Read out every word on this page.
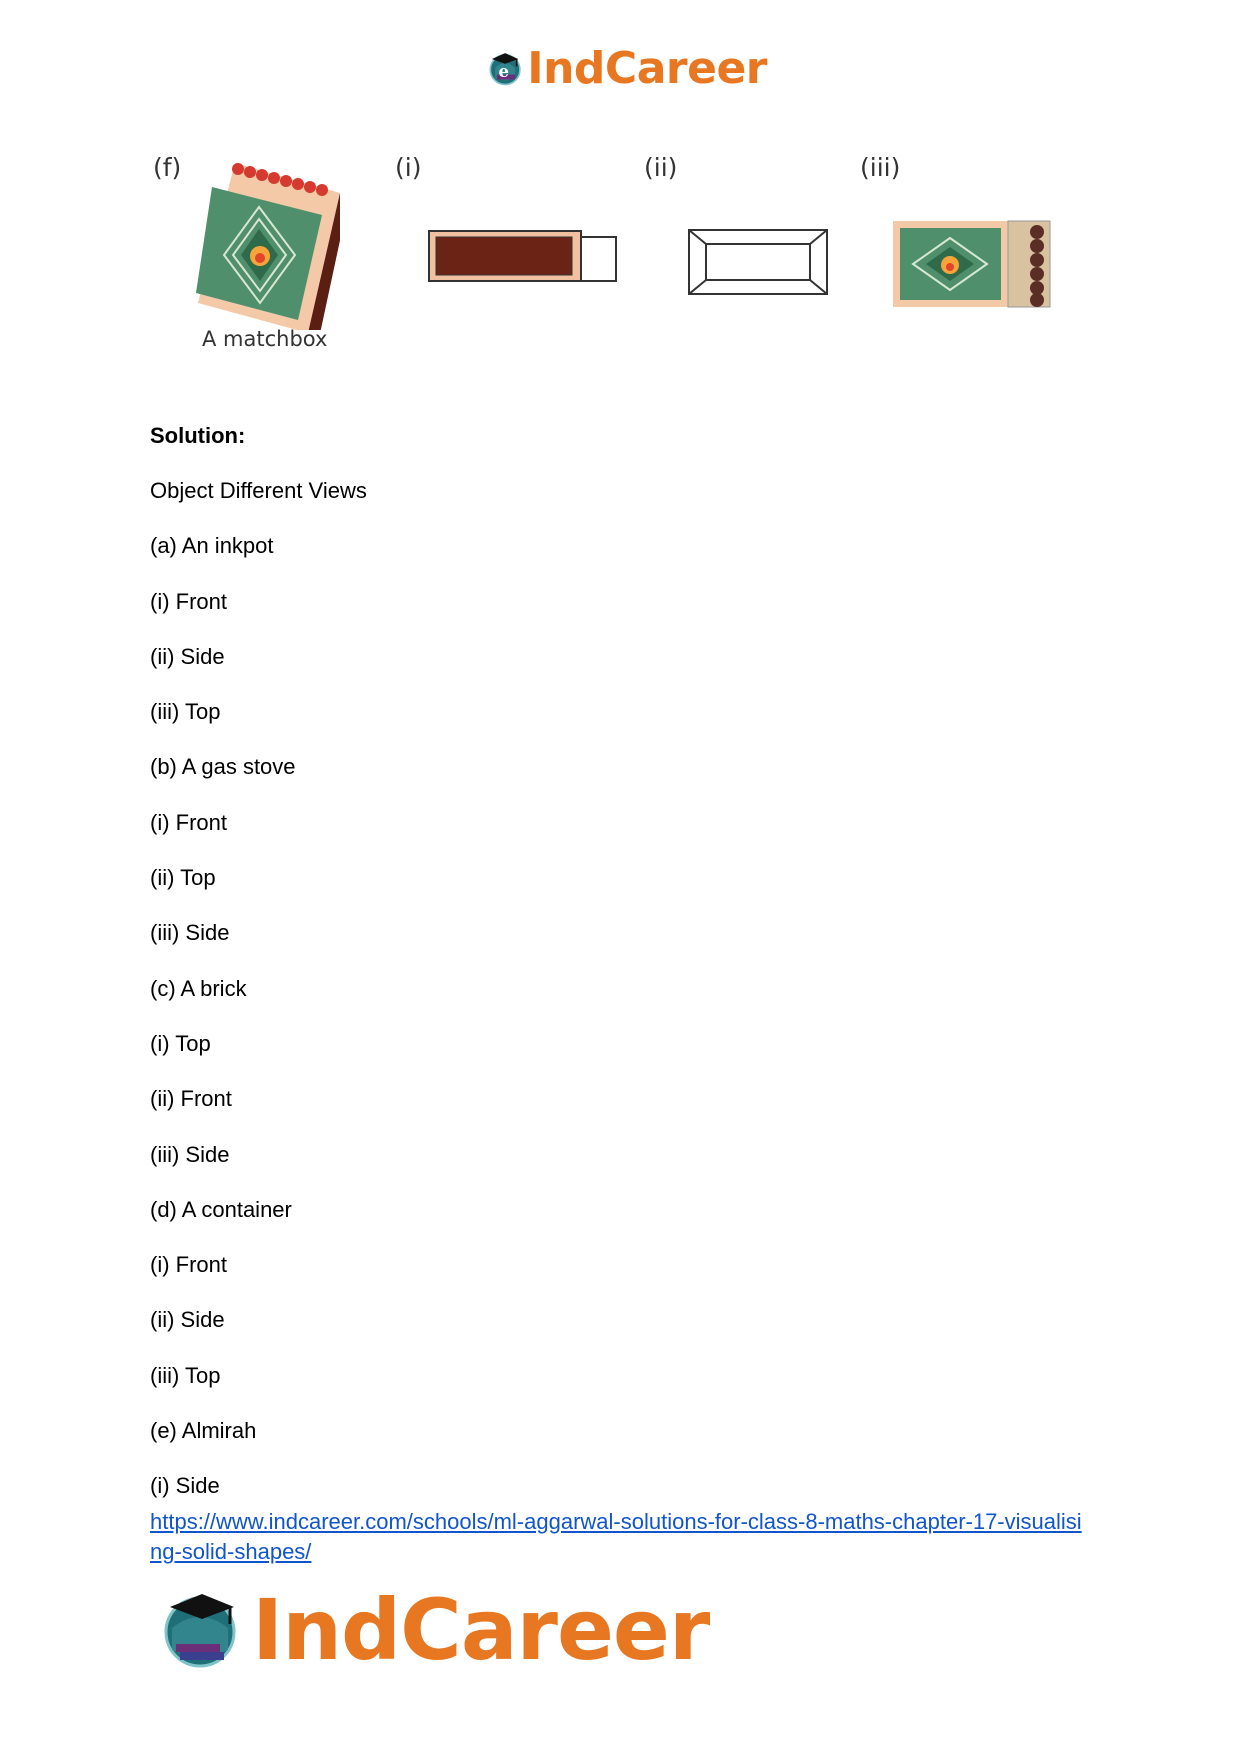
e IndCareer
(f)
A matchbox
(i)	(ii)	(iii)

Solution:

Object Different Views

(a) An inkpot

(i) Front

(ii) Side

(iii) Top

(b) A gas stove

(i) Front

(ii) Top

(iii) Side

(c) A brick

(i) Top

(ii) Front

(iii) Side

(d) A container

(i) Front

(ii) Side

(iii) Top

(e) Almirah

(i) Side

https://www.indcareer.com/schools/ml-aggarwal-solutions-for-class-8-maths-chapter-17-visualising-solid-shapes/
IndCareer
